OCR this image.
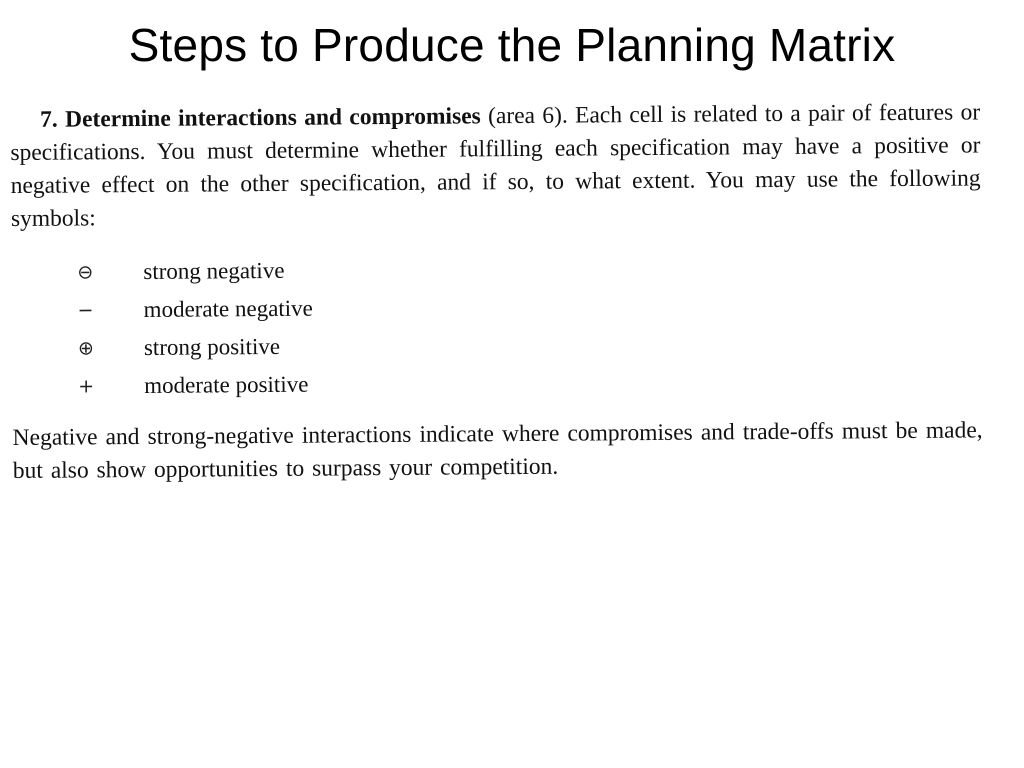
Steps to Produce the Planning Matrix

7. Determine interactions and compromises (area 6). Each cell is related to a pair of features or specifications. You must determine whether fulfilling each specification may have a positive or negative effect on the other specification, and if so, to what extent. You may use the following symbols:

⊖	strong negative
−	moderate negative
⊕	strong positive
+	moderate positive

Negative and strong-negative interactions indicate where compromises and trade-offs must be made, but also show opportunities to surpass your competition.
